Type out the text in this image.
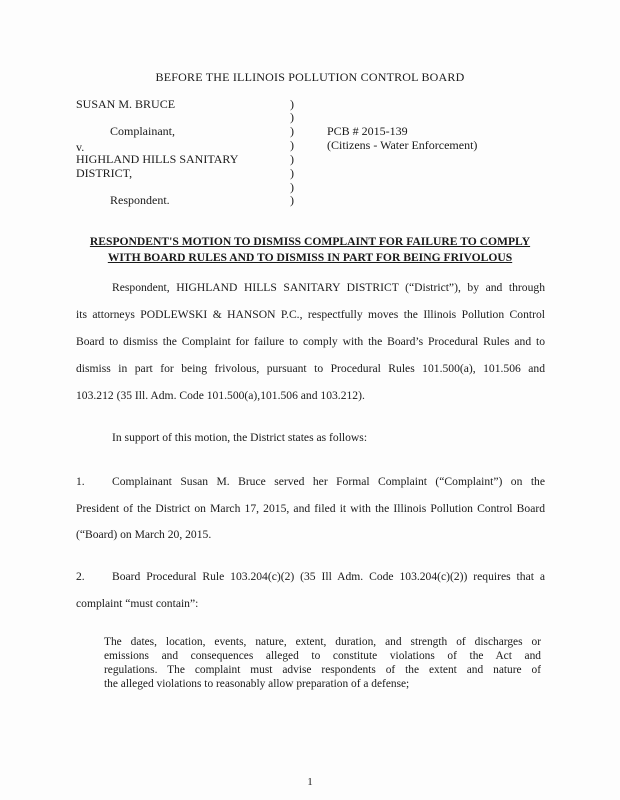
BEFORE THE ILLINOIS POLLUTION CONTROL BOARD
SUSAN M. BRUCE
Complainant,
v.
HIGHLAND HILLS SANITARY
DISTRICT,
Respondent.
)
)
)
)
)
)
)
)
PCB # 2015-139
(Citizens - Water Enforcement)
RESPONDENT'S MOTION TO DISMISS COMPLAINT FOR FAILURE TO COMPLY
WITH BOARD RULES AND TO DISMISS IN PART FOR BEING FRIVOLOUS
Respondent, HIGHLAND HILLS SANITARY DISTRICT (“District”), by and through
its attorneys PODLEWSKI & HANSON P.C., respectfully moves the Illinois Pollution Control
Board to dismiss the Complaint for failure to comply with the Board’s Procedural Rules and to
dismiss in part for being frivolous, pursuant to Procedural Rules 101.500(a), 101.506 and
103.212 (35 Ill. Adm. Code 101.500(a),101.506 and 103.212).
In support of this motion, the District states as follows:
1. Complainant Susan M. Bruce served her Formal Complaint (“Complaint”) on the
President of the District on March 17, 2015, and filed it with the Illinois Pollution Control Board
(“Board) on March 20, 2015.
2. Board Procedural Rule 103.204(c)(2) (35 Ill Adm. Code 103.204(c)(2)) requires that a
complaint “must contain”:
The dates, location, events, nature, extent, duration, and strength of discharges or
emissions and consequences alleged to constitute violations of the Act and
regulations. The complaint must advise respondents of the extent and nature of
the alleged violations to reasonably allow preparation of a defense;
1
